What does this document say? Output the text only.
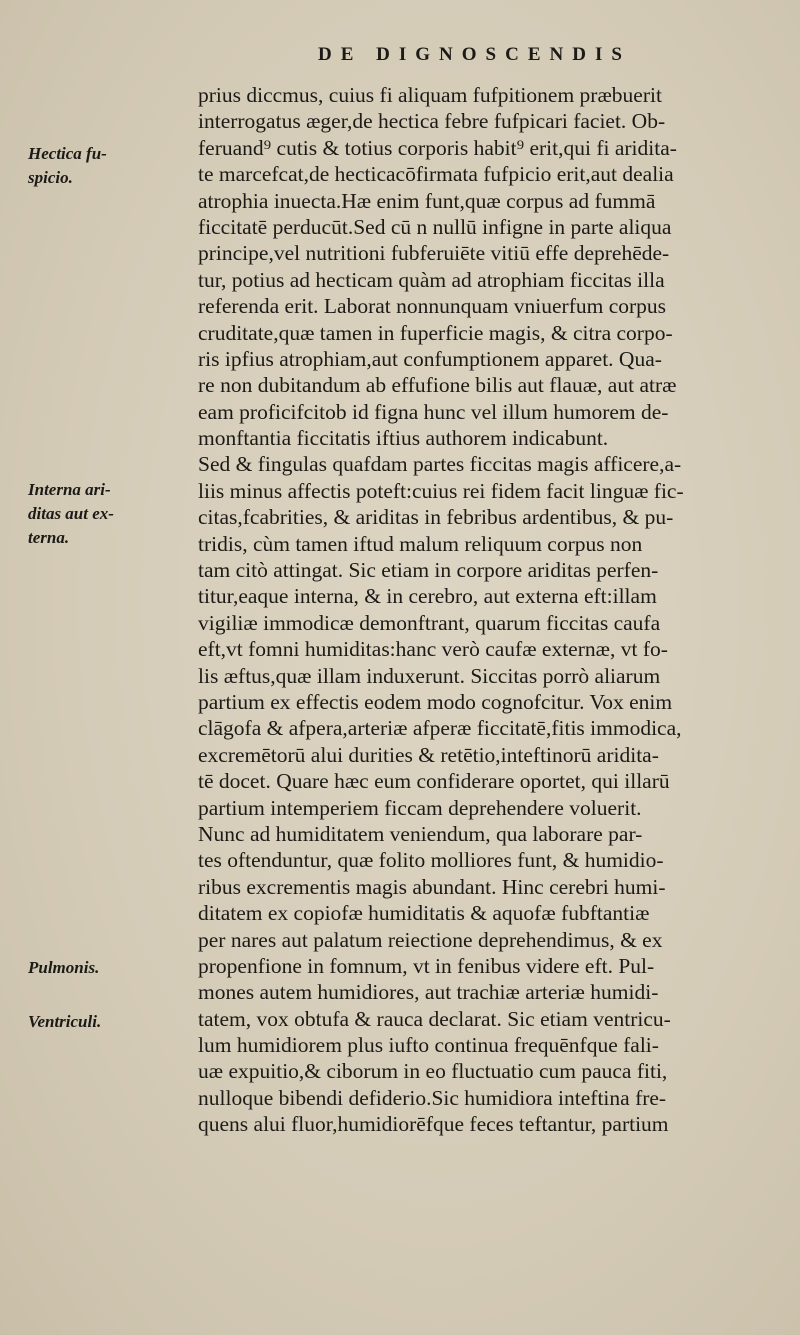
DE DIGNOSCENDIS
Hectica fu-
spicio.
Interna ari-
ditas aut ex-
terna.
Pulmonis.
Ventriculi.
prius diccmus, cuius fi aliquam fufpitionem præbuerit
interrogatus æger,de hectica febre fufpicari faciet. Ob-
feruand⁹ cutis & totius corporis habit⁹ erit,qui fi aridita-
te marcefcat,de hecticacōfirmata fufpicio erit,aut dealia
atrophia inuecta.Hæ enim funt,quæ corpus ad fummā
ficcitatē perducūt.Sed cū n nullū infigne in parte aliqua
principe,vel nutritioni fubferuiēte vitiū effe deprehēde-
tur, potius ad hecticam quàm ad atrophiam ficcitas illa
referenda erit. Laborat nonnunquam vniuerfum corpus
cruditate,quæ tamen in fuperficie magis, & citra corpo-
ris ipfius atrophiam,aut confumptionem apparet. Qua-
re non dubitandum ab effufione bilis aut flauæ, aut atræ
eam proficifcitob id figna hunc vel illum humorem de-
monftantia ficcitatis iftius authorem indicabunt.
Sed & fingulas quafdam partes ficcitas magis afficere,a-
liis minus affectis poteft:cuius rei fidem facit linguæ fic-
citas,fcabrities, & ariditas in febribus ardentibus, & pu-
tridis, cùm tamen iftud malum reliquum corpus non
tam citò attingat. Sic etiam in corpore ariditas perfen-
titur,eaque interna, & in cerebro, aut externa eft:illam
vigiliæ immodicæ demonftrant, quarum ficcitas caufa
eft,vt fomni humiditas:hanc verò caufæ externæ, vt fo-
lis æftus,quæ illam induxerunt. Siccitas porrò aliarum
partium ex effectis eodem modo cognofcitur. Vox enim
clāgofa & afpera,arteriæ afperæ ficcitatē,fitis immodica,
excremētorū alui durities & retētio,inteftinorū aridita-
tē docet. Quare hæc eum confiderare oportet, qui illarū
partium intemperiem ficcam deprehendere voluerit.
Nunc ad humiditatem veniendum, qua laborare par-
tes oftenduntur, quæ folito molliores funt, & humidio-
ribus excrementis magis abundant. Hinc cerebri humi-
ditatem ex copiofæ humiditatis & aquofæ fubftantiæ
per nares aut palatum reiectione deprehendimus, & ex
propenfione in fomnum, vt in fenibus videre eft. Pul-
mones autem humidiores, aut trachiæ arteriæ humidi-
tatem, vox obtufa & rauca declarat. Sic etiam ventricu-
lum humidiorem plus iufto continua frequēnfque fali-
uæ expuitio,& ciborum in eo fluctuatio cum pauca fiti,
nulloque bibendi defiderio.Sic humidiora inteftina fre-
quens alui fluor,humidiorēfque feces teftantur, partium
